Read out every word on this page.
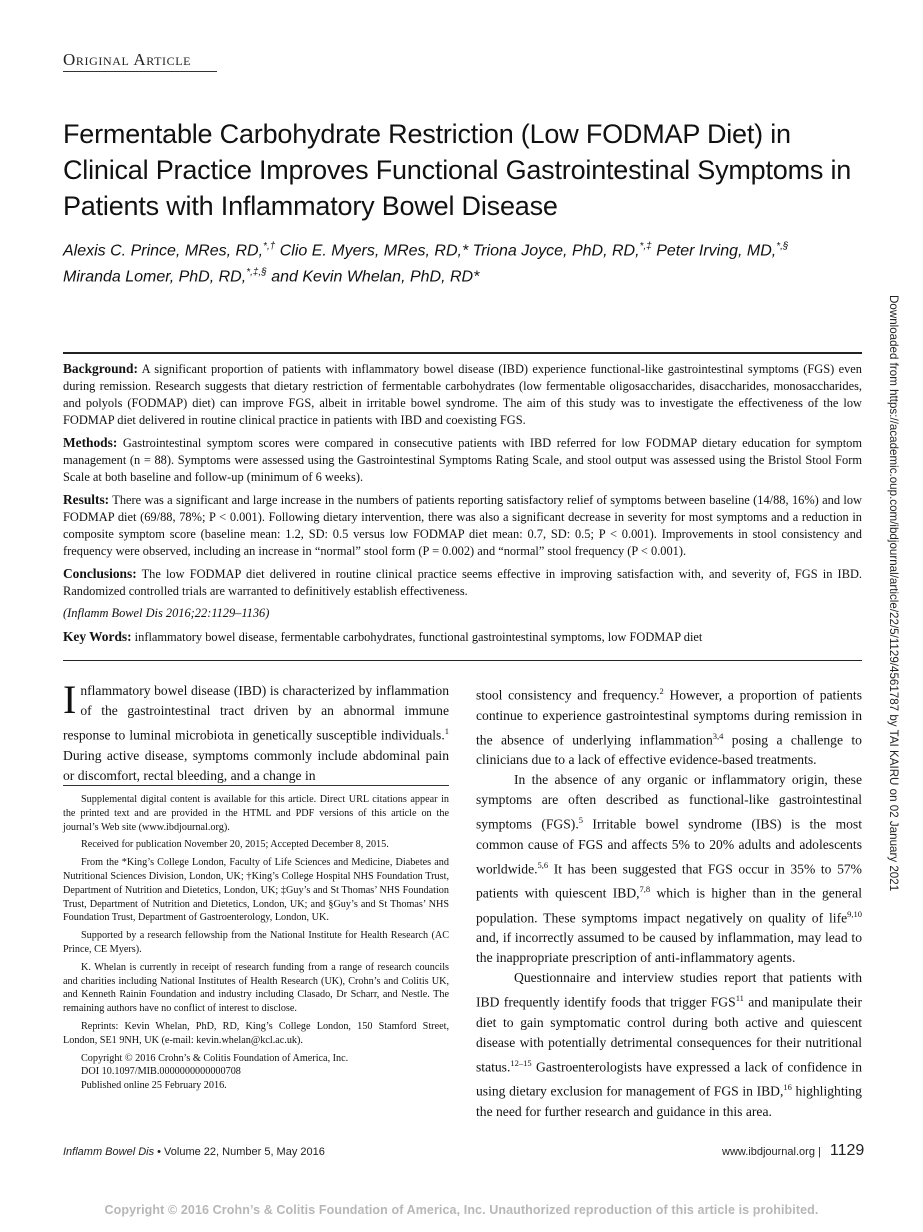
Original Article
Fermentable Carbohydrate Restriction (Low FODMAP Diet) in Clinical Practice Improves Functional Gastrointestinal Symptoms in Patients with Inflammatory Bowel Disease
Alexis C. Prince, MRes, RD,*,† Clio E. Myers, MRes, RD,* Triona Joyce, PhD, RD,*,‡ Peter Irving, MD,*,§
Miranda Lomer, PhD, RD,*,‡,§ and Kevin Whelan, PhD, RD*
Downloaded from https://academic.oup.com/ibdjournal/article/22/5/1129/4561787 by TAI KAIRU on 02 January 2021

Background: A significant proportion of patients with inflammatory bowel disease (IBD) experience functional-like gastrointestinal symptoms (FGS) even during remission. Research suggests that dietary restriction of fermentable carbohydrates (low fermentable oligosaccharides, disaccharides, monosaccharides, and polyols (FODMAP) diet) can improve FGS, albeit in irritable bowel syndrome. The aim of this study was to investigate the effectiveness of the low FODMAP diet delivered in routine clinical practice in patients with IBD and coexisting FGS.

Methods: Gastrointestinal symptom scores were compared in consecutive patients with IBD referred for low FODMAP dietary education for symptom management (n = 88). Symptoms were assessed using the Gastrointestinal Symptoms Rating Scale, and stool output was assessed using the Bristol Stool Form Scale at both baseline and follow-up (minimum of 6 weeks).

Results: There was a significant and large increase in the numbers of patients reporting satisfactory relief of symptoms between baseline (14/88, 16%) and low FODMAP diet (69/88, 78%; P < 0.001). Following dietary intervention, there was also a significant decrease in severity for most symptoms and a reduction in composite symptom score (baseline mean: 1.2, SD: 0.5 versus low FODMAP diet mean: 0.7, SD: 0.5; P < 0.001). Improvements in stool consistency and frequency were observed, including an increase in “normal” stool form (P = 0.002) and “normal” stool frequency (P < 0.001).

Conclusions: The low FODMAP diet delivered in routine clinical practice seems effective in improving satisfaction with, and severity of, FGS in IBD. Randomized controlled trials are warranted to definitively establish effectiveness.

(Inflamm Bowel Dis 2016;22:1129–1136)

Key Words: inflammatory bowel disease, fermentable carbohydrates, functional gastrointestinal symptoms, low FODMAP diet

Inflammatory bowel disease (IBD) is characterized by inflammation of the gastrointestinal tract driven by an abnormal immune response to luminal microbiota in genetically susceptible individuals.$^1$ During active disease, symptoms commonly include abdominal pain or discomfort, rectal bleeding, and a change in

Supplemental digital content is available for this article. Direct URL citations appear in the printed text and are provided in the HTML and PDF versions of this article on the journal’s Web site (www.ibdjournal.org).

Received for publication November 20, 2015; Accepted December 8, 2015.

From the *King’s College London, Faculty of Life Sciences and Medicine, Diabetes and Nutritional Sciences Division, London, UK; †King’s College Hospital NHS Foundation Trust, Department of Nutrition and Dietetics, London, UK; ‡Guy’s and St Thomas’ NHS Foundation Trust, Department of Nutrition and Dietetics, London, UK; and §Guy’s and St Thomas’ NHS Foundation Trust, Department of Gastroenterology, London, UK.

Supported by a research fellowship from the National Institute for Health Research (AC Prince, CE Myers).

K. Whelan is currently in receipt of research funding from a range of research councils and charities including National Institutes of Health Research (UK), Crohn’s and Colitis UK, and Kenneth Rainin Foundation and industry including Clasado, Dr Scharr, and Nestle. The remaining authors have no conflict of interest to disclose.

Reprints: Kevin Whelan, PhD, RD, King’s College London, 150 Stamford Street, London, SE1 9NH, UK (e-mail: kevin.whelan@kcl.ac.uk).

Copyright © 2016 Crohn’s & Colitis Foundation of America, Inc.

DOI 10.1097/MIB.0000000000000708

Published online 25 February 2016.

stool consistency and frequency.$^2$ However, a proportion of patients continue to experience gastrointestinal symptoms during remission in the absence of underlying inflammation$^{3,4}$ posing a challenge to clinicians due to a lack of effective evidence-based treatments.

In the absence of any organic or inflammatory origin, these symptoms are often described as functional-like gastrointestinal symptoms (FGS).$^5$ Irritable bowel syndrome (IBS) is the most common cause of FGS and affects 5% to 20% adults and adolescents worldwide.$^{5,6}$ It has been suggested that FGS occur in 35% to 57% patients with quiescent IBD,$^{7,8}$ which is higher than in the general population. These symptoms impact negatively on quality of life$^{9,10}$ and, if incorrectly assumed to be caused by inflammation, may lead to the inappropriate prescription of anti-inflammatory agents.

Questionnaire and interview studies report that patients with IBD frequently identify foods that trigger FGS$^{11}$ and manipulate their diet to gain symptomatic control during both active and quiescent disease with potentially detrimental consequences for their nutritional status.$^{12-15}$ Gastroenterologists have expressed a lack of confidence in using dietary exclusion for management of FGS in IBD,$^{16}$ highlighting the need for further research and guidance in this area.

Inflamm Bowel Dis • Volume 22, Number 5, May 2016	www.ibdjournal.org | 1129
Copyright © 2016 Crohn’s & Colitis Foundation of America, Inc. Unauthorized reproduction of this article is prohibited.
